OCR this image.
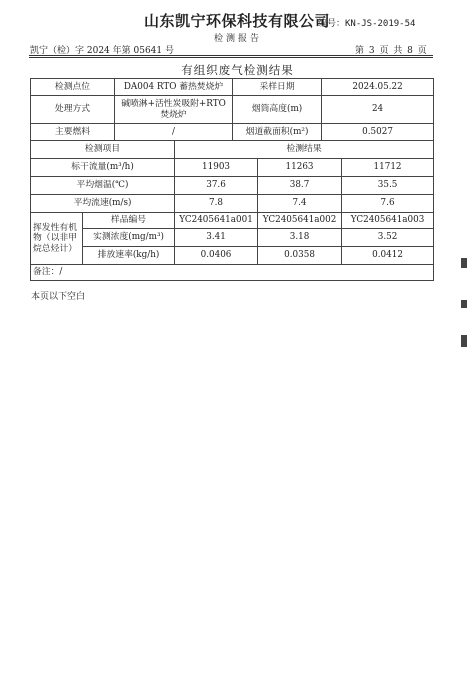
山东凯宁环保科技有限公司
编号：KN-JS-2019-54
检测报告
凯宁（检）字 2024 年第 05641 号	第 3 页 共 8 页
有组织废气检测结果
检测点位		DA004 RTO 蓄热焚烧炉		采样日期		2024.05.22	
处理方式		碱喷淋+活性炭吸附+RTO 焚烧炉		烟筒高度(m)		24	
主要燃料		/		烟道截面积(m²)		0.5027	
检测项目			检测结果				
标干流量(m³/h)			11903		11263		11712
平均烟温(℃)			37.6		38.7		35.5
平均流速(m/s)			7.8		7.4		7.6
挥发性有机物（以非甲烷总烃计）	样品编号		YC2405641a001		YC2405641a002		YC2405641a003
	实测浓度(mg/m³)		3.41		3.18		3.52
	排放速率(kg/h)		0.0406		0.0358		0.0412
备注：/							
本页以下空白
